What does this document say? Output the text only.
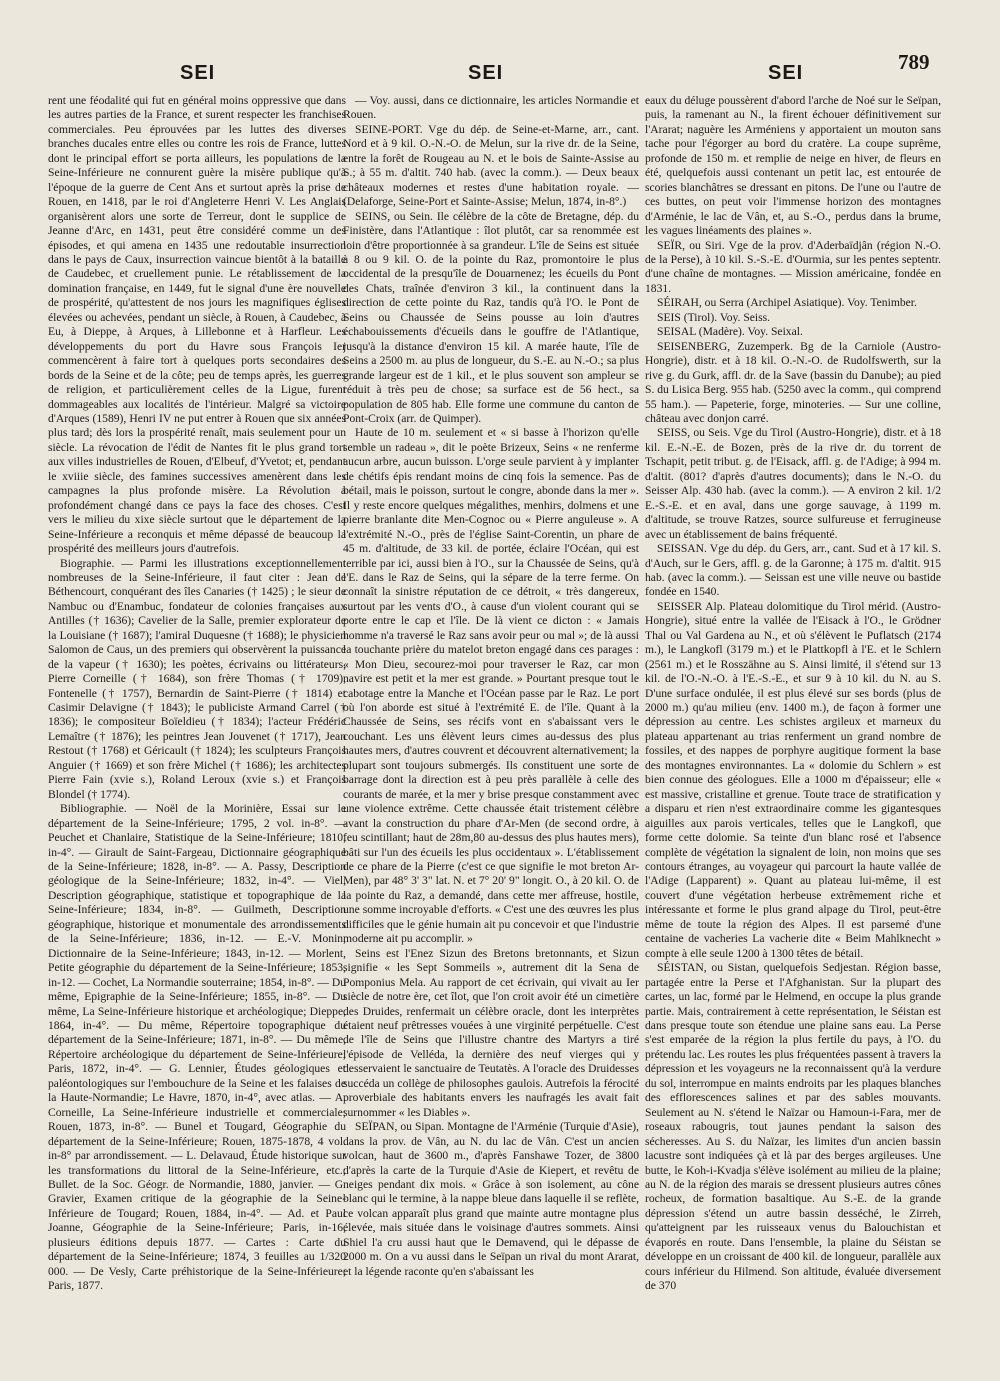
SEI	SEI	SEI	789

rent une féodalité qui fut en général moins oppressive que dans les autres parties de la France, et surent respecter les franchises commerciales. Peu éprouvées par les luttes des diverses branches ducales entre elles ou contre les rois de France, luttes dont le principal effort se porta ailleurs, les populations de la Seine-Inférieure ne connurent guère la misère publique qu'à l'époque de la guerre de Cent Ans et surtout après la prise de Rouen, en 1418, par le roi d'Angleterre Henri V. Les Anglais organisèrent alors une sorte de Terreur, dont le supplice de Jeanne d'Arc, en 1431, peut être considéré comme un des épisodes, et qui amena en 1435 une redoutable insurrection dans le pays de Caux, insurrection vaincue bientôt à la bataille de Caudebec, et cruellement punie. Le rétablissement de la domination française, en 1449, fut le signal d'une ère nouvelle de prospérité, qu'attestent de nos jours les magnifiques églises élevées ou achevées, pendant un siècle, à Rouen, à Caudebec, à Eu, à Dieppe, à Arques, à Lillebonne et à Harfleur. Les développements du port du Havre sous François Ier commencèrent à faire tort à quelques ports secondaires des bords de la Seine et de la côte; peu de temps après, les guerres de religion, et particulièrement celles de la Ligue, furent dommageables aux localités de l'intérieur. Malgré sa victoire d'Arques (1589), Henri IV ne put entrer à Rouen que six années plus tard; dès lors la prospérité renaît, mais seulement pour un siècle. La révocation de l'édit de Nantes fit le plus grand tort aux villes industrielles de Rouen, d'Elbeuf, d'Yvetot; et, pendant le xviiie siècle, des famines successives amenèrent dans les campagnes la plus profonde misère. La Révolution a profondément changé dans ce pays la face des choses. C'est vers le milieu du xixe siècle surtout que le département de la Seine-Inférieure a reconquis et même dépassé de beaucoup la prospérité des meilleurs jours d'autrefois.

Biographie. — Parmi les illustrations exceptionnellement nombreuses de la Seine-Inférieure, il faut citer : Jean de Béthencourt, conquérant des îles Canaries († 1425) ; le sieur de Nambuc ou d'Enambuc, fondateur de colonies françaises aux Antilles († 1636); Cavelier de la Salle, premier explorateur de la Louisiane († 1687); l'amiral Duquesne († 1688); le physicien Salomon de Caus, un des premiers qui observèrent la puissance de la vapeur († 1630); les poètes, écrivains ou littérateurs, Pierre Corneille († 1684), son frère Thomas († 1709), Fontenelle († 1757), Bernardin de Saint-Pierre († 1814) et Casimir Delavigne († 1843); le publiciste Armand Carrel († 1836); le compositeur Boïeldieu († 1834); l'acteur Frédéric Lemaître († 1876); les peintres Jean Jouvenet († 1717), Jean Restout († 1768) et Géricault († 1824); les sculpteurs François Anguier († 1669) et son frère Michel († 1686); les architectes Pierre Fain (xvie s.), Roland Leroux (xvie s.) et François Blondel († 1774).

Bibliographie. — Noël de la Morinière, Essai sur le département de la Seine-Inférieure; 1795, 2 vol. in-8°. — Peuchet et Chanlaire, Statistique de la Seine-Inférieure; 1810, in-4°. — Girault de Saint-Fargeau, Dictionnaire géographique de la Seine-Inférieure; 1828, in-8°. — A. Passy, Description géologique de la Seine-Inférieure; 1832, in-4°. — Viel, Description géographique, statistique et topographique de la Seine-Inférieure; 1834, in-8°. — Guilmeth, Description géographique, historique et monumentale des arrondissements de la Seine-Inférieure; 1836, in-12. — E.-V. Monin, Dictionnaire de la Seine-Inférieure; 1843, in-12. — Morlent, Petite géographie du département de la Seine-Inférieure; 1853, in-12. — Cochet, La Normandie souterraine; 1854, in-8°. — Du même, Epigraphie de la Seine-Inférieure; 1855, in-8°. — Du même, La Seine-Inférieure historique et archéologique; Dieppe, 1864, in-4°. — Du même, Répertoire topographique du département de la Seine-Inférieure; 1871, in-8°. — Du même, Répertoire archéologique du département de Seine-Inférieure; Paris, 1872, in-4°. — G. Lennier, Études géologiques et paléontologiques sur l'embouchure de la Seine et les falaises de la Haute-Normandie; Le Havre, 1870, in-4°, avec atlas. — A. Corneille, La Seine-Inférieure industrielle et commerciale; Rouen, 1873, in-8°. — Bunel et Tougard, Géographie du département de la Seine-Inférieure; Rouen, 1875-1878, 4 vol. in-8° par arrondissement. — L. Delavaud, Étude historique sur les transformations du littoral de la Seine-Inférieure, etc.; Bullet. de la Soc. Géogr. de Normandie, 1880, janvier. — G. Gravier, Examen critique de la géographie de la Seine-Inférieure de Tougard; Rouen, 1884, in-4°. — Ad. et Paul Joanne, Géographie de la Seine-Inférieure; Paris, in-16, plusieurs éditions depuis 1877. — Cartes : Carte du département de la Seine-Inférieure; 1874, 3 feuilles au 1/320 000. — De Vesly, Carte préhistorique de la Seine-Inférieure; Paris, 1877.

— Voy. aussi, dans ce dictionnaire, les articles Normandie et Rouen.

SEINE-PORT. Vge du dép. de Seine-et-Marne, arr., cant. Nord et à 9 kil. O.-N.-O. de Melun, sur la rive dr. de la Seine, entre la forêt de Rougeau au N. et le bois de Sainte-Assise au S.; à 55 m. d'altit. 740 hab. (avec la comm.). — Deux beaux châteaux modernes et restes d'une habitation royale. — (Delaforge, Seine-Port et Sainte-Assise; Melun, 1874, in-8°.)

SEINS, ou Sein. Ile célèbre de la côte de Bretagne, dép. du Finistère, dans l'Atlantique : îlot plutôt, car sa renommée est loin d'être proportionnée à sa grandeur. L'île de Seins est située à 8 ou 9 kil. O. de la pointe du Raz, promontoire le plus occidental de la presqu'île de Douarnenez; les écueils du Pont des Chats, traînée d'environ 3 kil., la continuent dans la direction de cette pointe du Raz, tandis qu'à l'O. le Pont de Seins ou Chaussée de Seins pousse au loin d'autres échabouissements d'écueils dans le gouffre de l'Atlantique, jusqu'à la distance d'environ 15 kil. A marée haute, l'île de Seins a 2500 m. au plus de longueur, du S.-E. au N.-O.; sa plus grande largeur est de 1 kil., et le plus souvent son ampleur se réduit à très peu de chose; sa surface est de 56 hect., sa population de 805 hab. Elle forme une commune du canton de Pont-Croix (arr. de Quimper).

Haute de 10 m. seulement et « si basse à l'horizon qu'elle semble un radeau », dit le poète Brizeux, Seins « ne renferme aucun arbre, aucun buisson. L'orge seule parvient à y implanter de chétifs épis rendant moins de cinq fois la semence. Pas de bétail, mais le poisson, surtout le congre, abonde dans la mer ». Il y reste encore quelques mégalithes, menhirs, dolmens et une pierre branlante dite Men-Cognoc ou « Pierre anguleuse ». A l'extrémité N.-O., près de l'église Saint-Corentin, un phare de 45 m. d'altitude, de 33 kil. de portée, éclaire l'Océan, qui est terrible par ici, aussi bien à l'O., sur la Chaussée de Seins, qu'à l'E. dans le Raz de Seins, qui la sépare de la terre ferme. On connaît la sinistre réputation de ce détroit, « très dangereux, surtout par les vents d'O., à cause d'un violent courant qui se porte entre le cap et l'île. De là vient ce dicton : « Jamais homme n'a traversé le Raz sans avoir peur ou mal »; de là aussi la touchante prière du matelot breton engagé dans ces parages : « Mon Dieu, secourez-moi pour traverser le Raz, car mon navire est petit et la mer est grande. » Pourtant presque tout le cabotage entre la Manche et l'Océan passe par le Raz. Le port où l'on aborde est situé à l'extrémité E. de l'île. Quant à la Chaussée de Seins, ses récifs vont en s'abaissant vers le couchant. Les uns élèvent leurs cimes au-dessus des plus hautes mers, d'autres couvrent et découvrent alternativement; la plupart sont toujours submergés. Ils constituent une sorte de barrage dont la direction est à peu près parallèle à celle des courants de marée, et la mer y brise presque constamment avec une violence extrême. Cette chaussée était tristement célèbre avant la construction du phare d'Ar-Men (de second ordre, à feu scintillant; haut de 28m,80 au-dessus des plus hautes mers), bâti sur l'un des écueils les plus occidentaux ». L'établissement de ce phare de la Pierre (c'est ce que signifie le mot breton Ar-Men), par 48° 3' 3" lat. N. et 7° 20' 9" longit. O., à 20 kil. O. de la pointe du Raz, a demandé, dans cette mer affreuse, hostile, une somme incroyable d'efforts. « C'est une des œuvres les plus difficiles que le génie humain ait pu concevoir et que l'industrie moderne ait pu accomplir. »

Seins est l'Enez Sizun des Bretons bretonnants, et Sizun signifie « les Sept Sommeils », autrement dit la Sena de Pomponius Mela. Au rapport de cet écrivain, qui vivait au Ier siècle de notre ère, cet îlot, que l'on croit avoir été un cimetière des Druides, renfermait un célèbre oracle, dont les interprètes étaient neuf prêtresses vouées à une virginité perpétuelle. C'est de l'île de Seins que l'illustre chantre des Martyrs a tiré l'épisode de Velléda, la dernière des neuf vierges qui y desservaient le sanctuaire de Teutatès. A l'oracle des Druidesses succéda un collège de philosophes gaulois. Autrefois la férocité proverbiale des habitants envers les naufragés les avait fait surnommer « les Diables ».

SEÏPAN, ou Sipan. Montagne de l'Arménie (Turquie d'Asie), dans la prov. de Vân, au N. du lac de Vân. C'est un ancien volcan, haut de 3600 m., d'après Fanshawe Tozer, de 3800 d'après la carte de la Turquie d'Asie de Kiepert, et revêtu de neiges pendant dix mois. « Grâce à son isolement, au cône blanc qui le termine, à la nappe bleue dans laquelle il se reflète, ce volcan apparaît plus grand que mainte autre montagne plus élevée, mais située dans le voisinage d'autres sommets. Ainsi Shiel l'a cru aussi haut que le Demavend, qui le dépasse de 2000 m. On a vu aussi dans le Seïpan un rival du mont Ararat, et la légende raconte qu'en s'abaissant les

eaux du déluge poussèrent d'abord l'arche de Noé sur le Seïpan, puis, la ramenant au N., la firent échouer définitivement sur l'Ararat; naguère les Arméniens y apportaient un mouton sans tache pour l'égorger au bord du cratère. La coupe suprême, profonde de 150 m. et remplie de neige en hiver, de fleurs en été, quelquefois aussi contenant un petit lac, est entourée de scories blanchâtres se dressant en pitons. De l'une ou l'autre de ces buttes, on peut voir l'immense horizon des montagnes d'Arménie, le lac de Vân, et, au S.-O., perdus dans la brume, les vagues linéaments des plaines ».

SEÏR, ou Siri. Vge de la prov. d'Aderbaïdjân (région N.-O. de la Perse), à 10 kil. S.-S.-E. d'Ourmia, sur les pentes septentr. d'une chaîne de montagnes. — Mission américaine, fondée en 1831.

SÉIRAH, ou Serra (Archipel Asiatique). Voy. Tenimber.

SEIS (Tirol). Voy. Seiss.

SEISAL (Madère). Voy. Seixal.

SEISENBERG, Zuzemperk. Bg de la Carniole (Austro-Hongrie), distr. et à 18 kil. O.-N.-O. de Rudolfswerth, sur la rive g. du Gurk, affl. dr. de la Save (bassin du Danube); au pied S. du Lisica Berg. 955 hab. (5250 avec la comm., qui comprend 55 ham.). — Papeterie, forge, minoteries. — Sur une colline, château avec donjon carré.

SEISS, ou Seis. Vge du Tirol (Austro-Hongrie), distr. et à 18 kil. E.-N.-E. de Bozen, près de la rive dr. du torrent de Tschapit, petit tribut. g. de l'Eisack, affl. g. de l'Adige; à 994 m. d'altit. (801? d'après d'autres documents); dans le N.-O. du Seisser Alp. 430 hab. (avec la comm.). — A environ 2 kil. 1/2 E.-S.-E. et en aval, dans une gorge sauvage, à 1199 m. d'altitude, se trouve Ratzes, source sulfureuse et ferrugineuse avec un établissement de bains fréquenté.

SEISSAN. Vge du dép. du Gers, arr., cant. Sud et à 17 kil. S. d'Auch, sur le Gers, affl. g. de la Garonne; à 175 m. d'altit. 915 hab. (avec la comm.). — Seissan est une ville neuve ou bastide fondée en 1540.

SEISSER Alp. Plateau dolomitique du Tirol mérid. (Austro-Hongrie), situé entre la vallée de l'Eisack à l'O., le Grödner Thal ou Val Gardena au N., et où s'élèvent le Puflatsch (2174 m.), le Langkofl (3179 m.) et le Plattkopfl à l'E. et le Schlern (2561 m.) et le Rosszähne au S. Ainsi limité, il s'étend sur 13 kil. de l'O.-N.-O. à l'E.-S.-E., et sur 9 à 10 kil. du N. au S. D'une surface ondulée, il est plus élevé sur ses bords (plus de 2000 m.) qu'au milieu (env. 1400 m.), de façon à former une dépression au centre. Les schistes argileux et marneux du plateau appartenant au trias renferment un grand nombre de fossiles, et des nappes de porphyre augitique forment la base des montagnes environnantes. La « dolomie du Schlern » est bien connue des géologues. Elle a 1000 m d'épaisseur; elle « est massive, cristalline et grenue. Toute trace de stratification y a disparu et rien n'est extraordinaire comme les gigantesques aiguilles aux parois verticales, telles que le Langkofl, que forme cette dolomie. Sa teinte d'un blanc rosé et l'absence complète de végétation la signalent de loin, non moins que ses contours étranges, au voyageur qui parcourt la haute vallée de l'Adige (Lapparent) ». Quant au plateau lui-même, il est couvert d'une végétation herbeuse extrêmement riche et intéressante et forme le plus grand alpage du Tirol, peut-être même de toute la région des Alpes. Il est parsemé d'une centaine de vacheries La vacherie dite « Beim Mahlknecht » compte à elle seule 1200 à 1300 têtes de bétail.

SÉISTAN, ou Sistan, quelquefois Sedjestan. Région basse, partagée entre la Perse et l'Afghanistan. Sur la plupart des cartes, un lac, formé par le Helmend, en occupe la plus grande partie. Mais, contrairement à cette représentation, le Séistan est dans presque toute son étendue une plaine sans eau. La Perse s'est emparée de la région la plus fertile du pays, à l'O. du prétendu lac. Les routes les plus fréquentées passent à travers la dépression et les voyageurs ne la reconnaissent qu'à la verdure du sol, interrompue en maints endroits par les plaques blanches des efflorescences salines et par des sables mouvants. Seulement au N. s'étend le Naïzar ou Hamoun-i-Fara, mer de roseaux rabougris, tout jaunes pendant la saison des sécheresses. Au S. du Naïzar, les limites d'un ancien bassin lacustre sont indiquées çà et là par des berges argileuses. Une butte, le Koh-i-Kvadja s'élève isolément au milieu de la plaine; au N. de la région des marais se dressent plusieurs autres cônes rocheux, de formation basaltique. Au S.-E. de la grande dépression s'étend un autre bassin desséché, le Zirreh, qu'atteignent par les ruisseaux venus du Balouchistan et évaporés en route. Dans l'ensemble, la plaine du Séistan se développe en un croissant de 400 kil. de longueur, parallèle aux cours inférieur du Hilmend. Son altitude, évaluée diversement de 370
